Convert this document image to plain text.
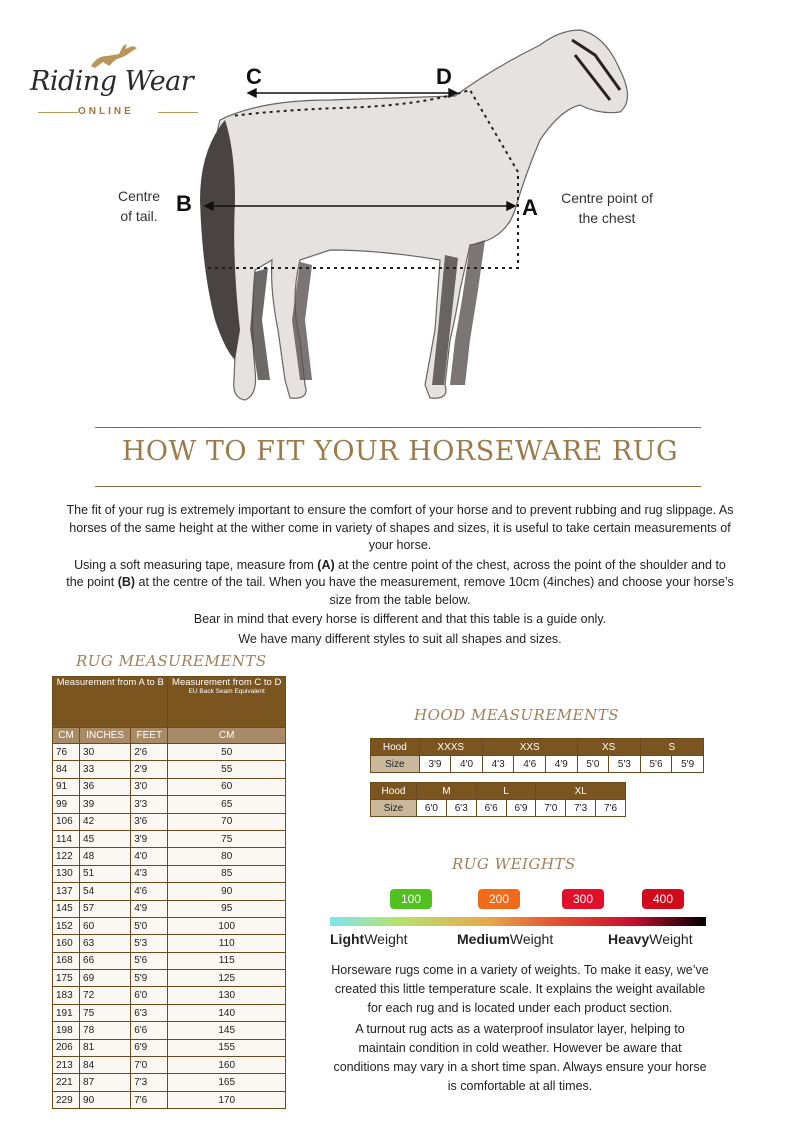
Riding Wear
ONLINE
C	D
B	A
Centre
of tail.
Centre point of
the chest
HOW TO FIT YOUR HORSEWARE RUG

The fit of your rug is extremely important to ensure the comfort of your horse and to prevent rubbing and rug slippage. As horses of the same height at the wither come in variety of shapes and sizes, it is useful to take certain measurements of your horse.

Using a soft measuring tape, measure from (A) at the centre point of the chest, across the point of the shoulder and to the point (B) at the centre of the tail. When you have the measurement, remove 10cm (4inches) and choose your horse’s size from the table below.

Bear in mind that every horse is different and that this table is a guide only.

We have many different styles to suit all shapes and sizes.

RUG MEASUREMENTS
Measurement from A to B			Measurement from C to D
EU Back Seam Equivalent

CM	INCHES	FEET	CM
76	30	2'6	50
84	33	2'9	55
91	36	3'0	60
99	39	3'3	65
106	42	3'6	70
114	45	3'9	75
122	48	4'0	80
130	51	4'3	85
137	54	4'6	90
145	57	4'9	95
152	60	5'0	100
160	63	5'3	110
168	66	5'6	115
175	69	5'9	125
183	72	6'0	130
191	75	6'3	140
198	78	6'6	145
206	81	6'9	155
213	84	7'0	160
221	87	7'3	165
229	90	7'6	170
HOOD MEASUREMENTS
Hood	XXXS		XXS			XS		S	
Size	3'9	4'0	4'3	4'6	4'9	5'0	5'3	5'6	5'9
Hood	M		L		XL		
Size	6'0	6'3	6'6	6'9	7'0	7'3	7'6
RUG WEIGHTS
100	200	300	400
LightWeight	MediumWeight	HeavyWeight

Horseware rugs come in a variety of weights. To make it easy, we’ve created this little temperature scale. It explains the weight available for each rug and is located under each product section.

A turnout rug acts as a waterproof insulator layer, helping to maintain condition in cold weather. However be aware that conditions may vary in a short time span. Always ensure your horse is comfortable at all times.
